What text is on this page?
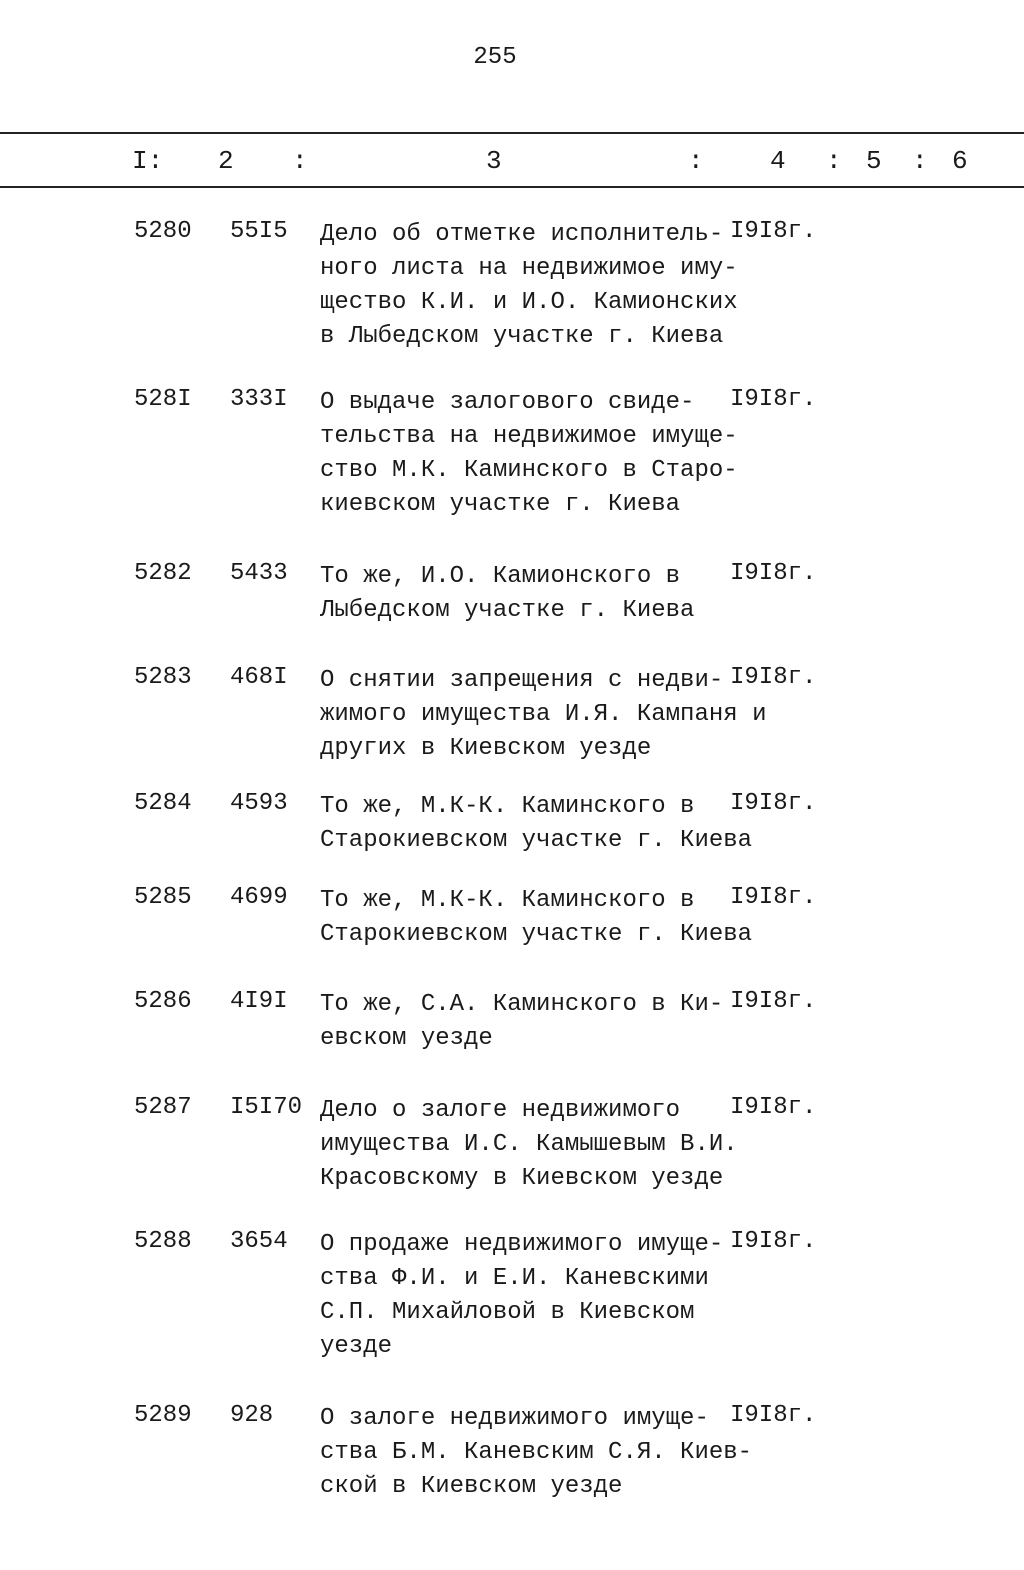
255
I: 2 :	3	:	4 : 5 : 6
5280 55I5 Дело об отметке исполнитель-
ного листа на недвижимое иму-
щество К.И. и И.О. Камионских
в Лыбедском участке г. Киева
I9I8г.
528I 333I О выдаче залогового свиде-
тельства на недвижимое имуще-
ство М.К. Каминского в Старо-
киевском участке г. Киева
I9I8г.
5282 5433 То же, И.О. Камионского в
Лыбедском участке г. Киева
I9I8г.
5283 468I О снятии запрещения с недви-
жимого имущества И.Я. Кампаня и
других в Киевском уезде
I9I8г.
5284 4593 То же, М.К-К. Каминского в
Старокиевском участке г. Киева
I9I8г.
5285 4699 То же, М.К-К. Каминского в
Старокиевском участке г. Киева
I9I8г.
5286 4I9I То же, С.А. Каминского в Ки-
евском уезде
I9I8г.
5287 I5I70 Дело о залоге недвижимого
имущества И.С. Камышевым В.И.
Красовскому в Киевском уезде
I9I8г.
5288 3654 О продаже недвижимого имуще-
ства Ф.И. и Е.И. Каневскими
С.П. Михайловой в Киевском
уезде
I9I8г.
5289 928 О залоге недвижимого имуще-
ства Б.М. Каневским С.Я. Киев-
ской в Киевском уезде
I9I8г.
